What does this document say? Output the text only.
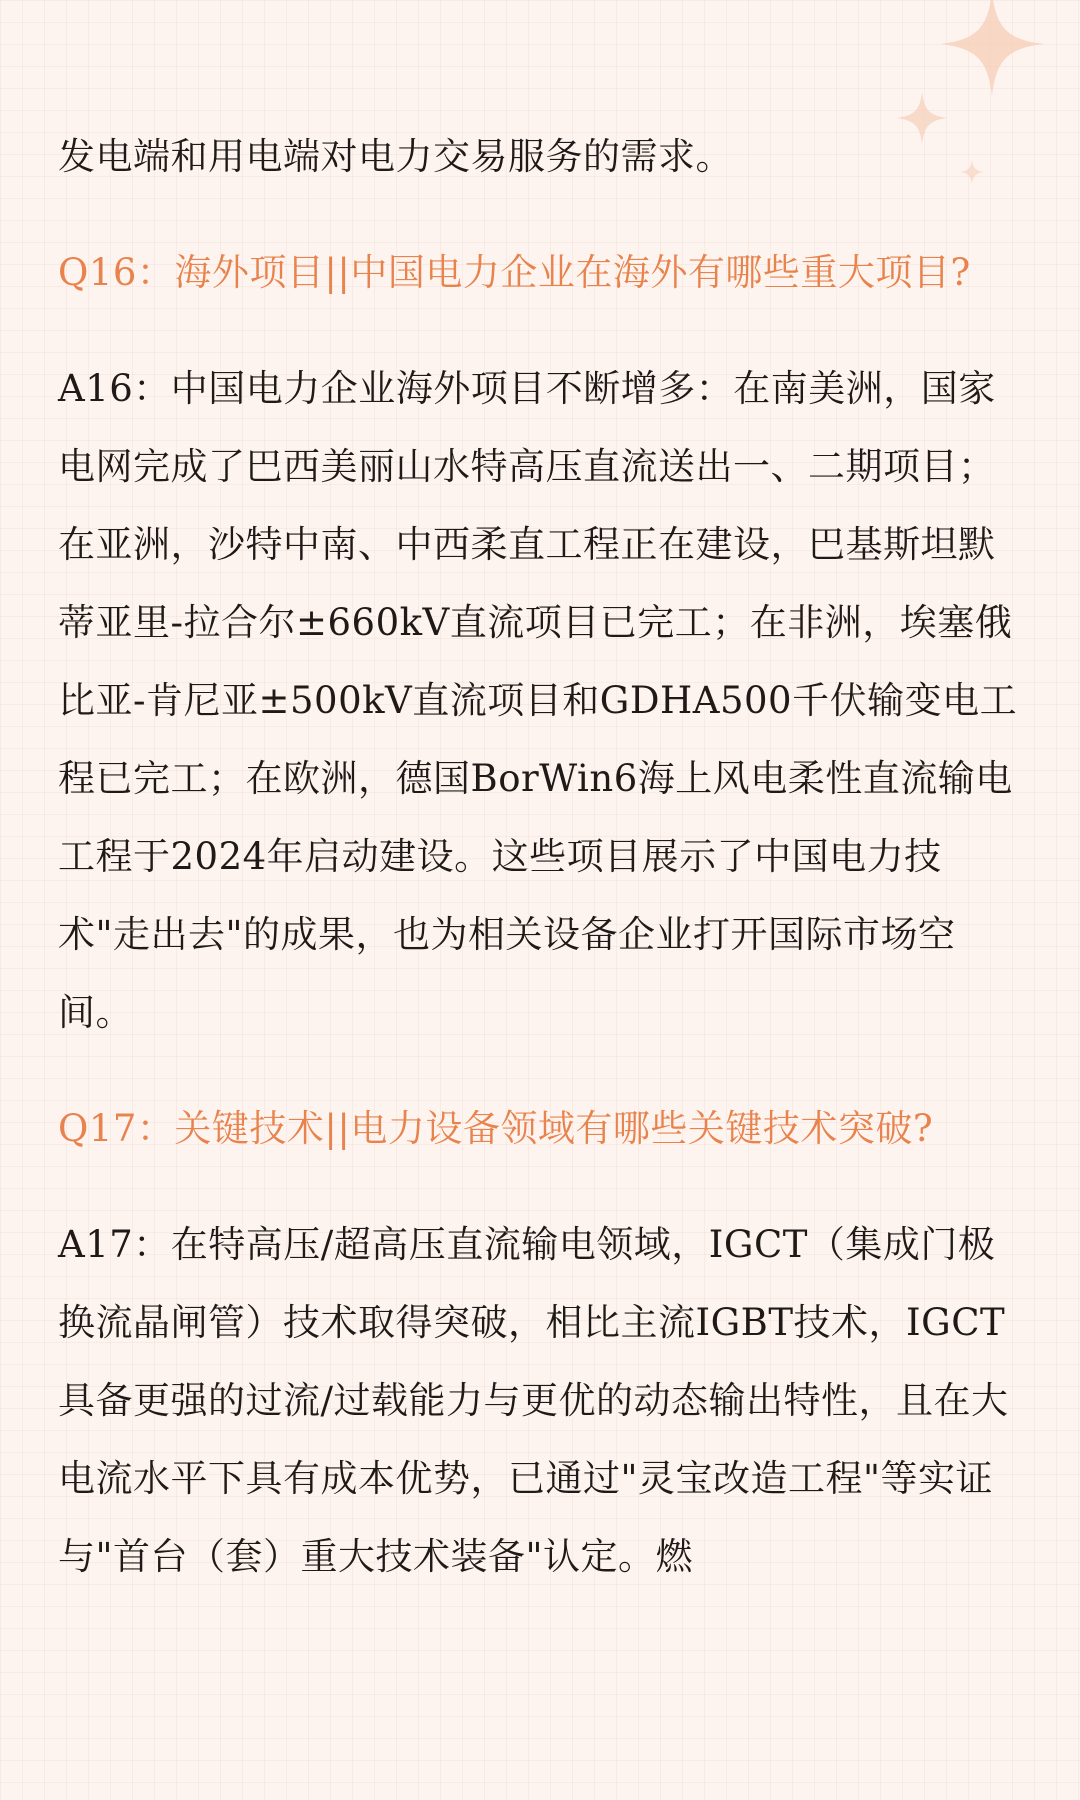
发电端和用电端对电力交易服务的需求。

Q16：海外项目||中国电力企业在海外有哪些重大项目?

A16：中国电力企业海外项目不断增多：在南美洲，国家电网完成了巴西美丽山水特高压直流送出一、二期项目；在亚洲，沙特中南、中西柔直工程正在建设，巴基斯坦默蒂亚里-拉合尔±660kV直流项目已完工；在非洲，埃塞俄比亚-肯尼亚±500kV直流项目和GDHA500千伏输变电工程已完工；在欧洲，德国BorWin6海上风电柔性直流输电工程于2024年启动建设。这些项目展示了中国电力技术"走出去"的成果，也为相关设备企业打开国际市场空间。

Q17：关键技术||电力设备领域有哪些关键技术突破?

A17：在特高压/超高压直流输电领域，IGCT（集成门极换流晶闸管）技术取得突破，相比主流IGBT技术，IGCT具备更强的过流/过载能力与更优的动态输出特性，且在大电流水平下具有成本优势，已通过"灵宝改造工程"等实证与"首台（套）重大技术装备"认定。燃
